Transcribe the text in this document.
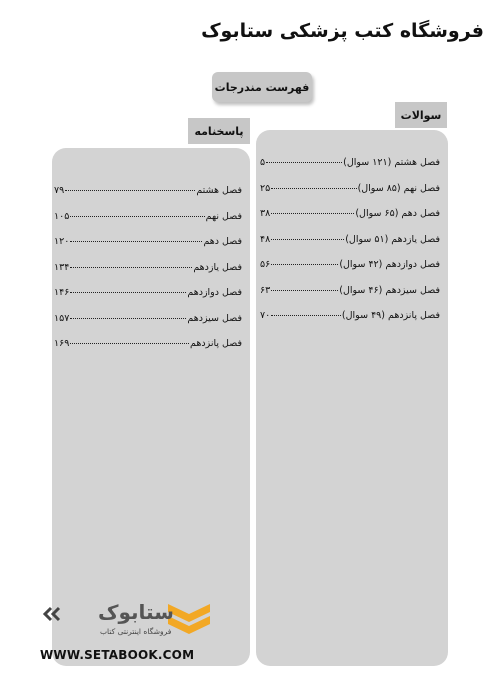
فروشگاه کتب پزشکی ستابوک
فهرست مندرجات
فصل هشتم (۱۲۱ سوال)
۵
فصل نهم (۸۵ سوال)
۲۵
فصل دهم (۶۵ سوال)
۳۸
فصل یازدهم (۵۱ سوال)
۴۸
فصل دوازدهم (۴۲ سوال)
۵۶
فصل سیزدهم (۴۶ سوال)
۶۳
فصل پانزدهم (۴۹ سوال)
۷۰
سوالات
فصل هشتم
۷۹
فصل نهم
۱۰۵
فصل دهم
۱۲۰
فصل یازدهم
۱۳۴
فصل دوازدهم
۱۴۶
فصل سیزدهم
۱۵۷
فصل پانزدهم
۱۶۹
پاسخنامه
ستابوک
فروشگاه اینترنتی کتاب
WWW.SETABOOK.COM
